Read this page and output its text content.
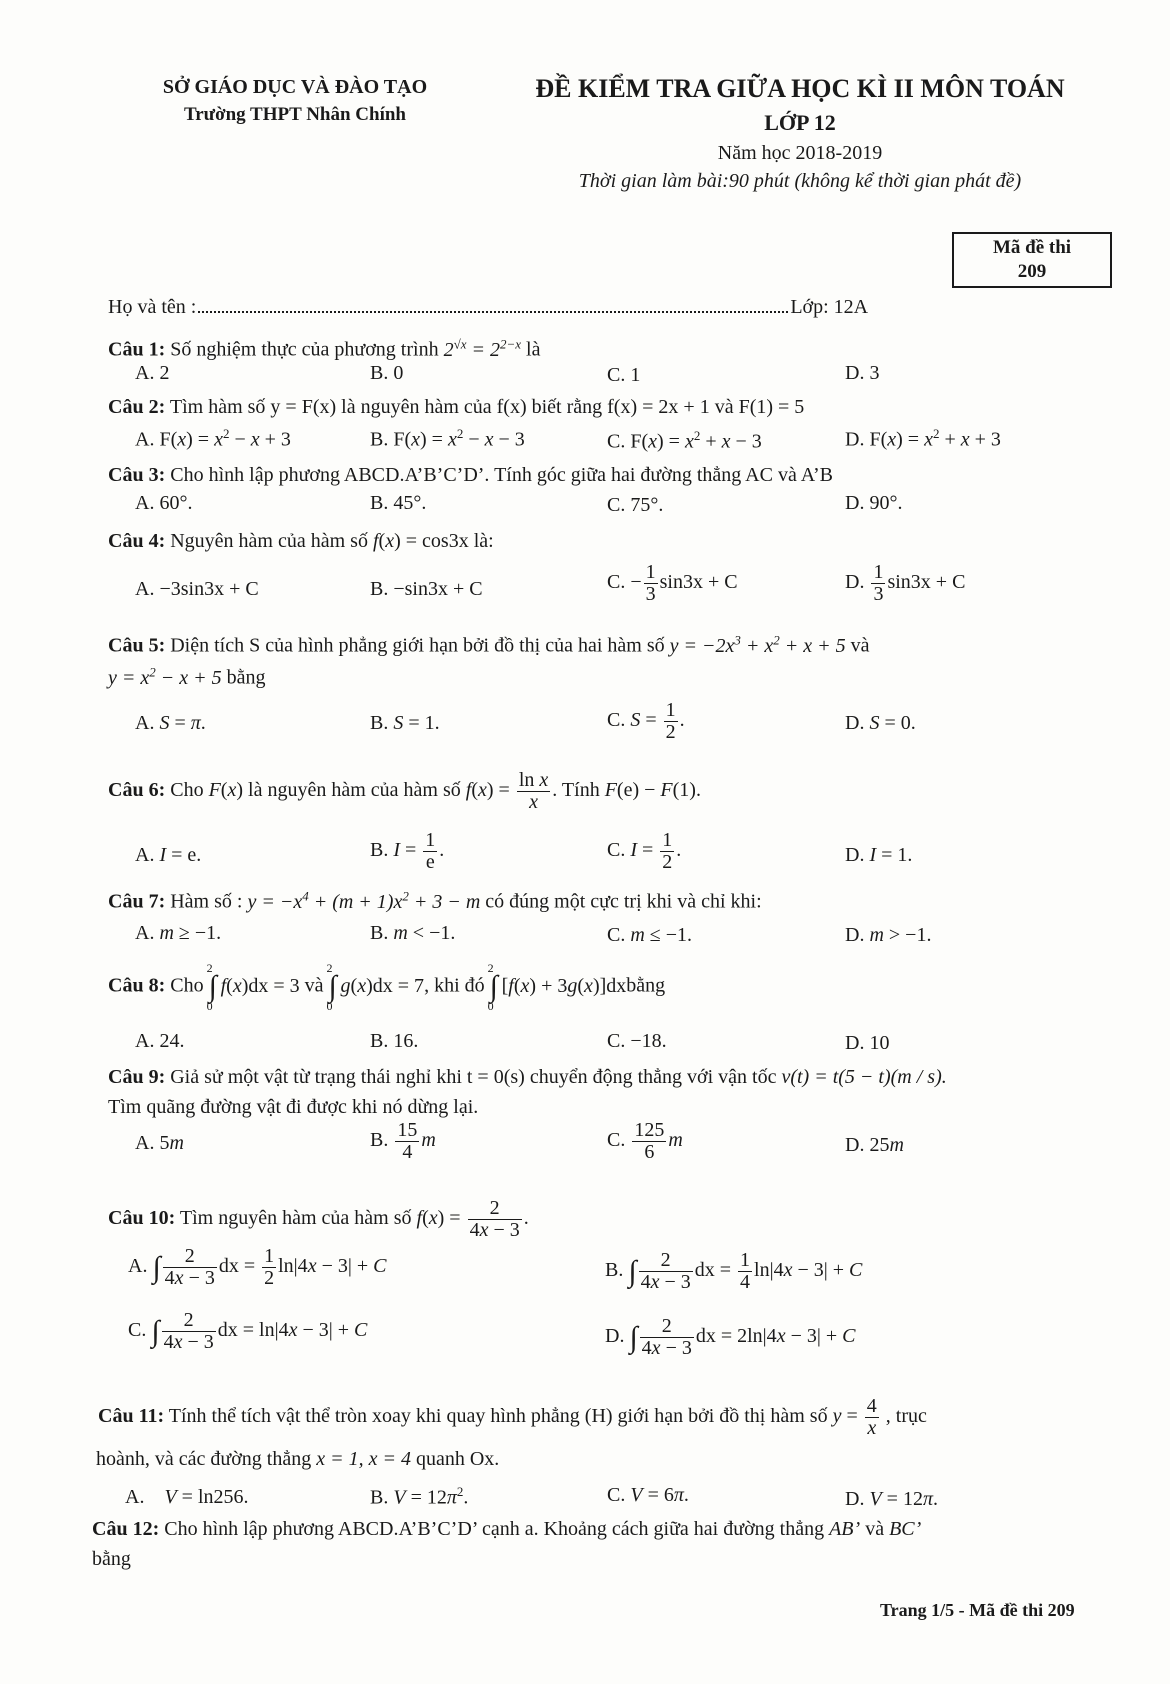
SỞ GIÁO DỤC VÀ ĐÀO TẠO
Trường THPT Nhân Chính
ĐỀ KIỂM TRA GIỮA HỌC KÌ II MÔN TOÁN
LỚP 12
Năm học 2018-2019
Thời gian làm bài:90 phút (không kể thời gian phát đề)
Mã đề thi
209
Họ và tên :	Lớp: 12A
Câu 1: Số nghiệm thực của phương trình $2^{√x} = 2^{2-x}$ là
A. 2	B. 0	C. 1	D. 3
Câu 2: Tìm hàm số y = F(x) là nguyên hàm của f(x) biết rằng f(x) = 2x + 1 và F(1) = 5
A. $F(x) = x^2 - x + 3$	B. $F(x) = x^2 - x - 3$	C. $F(x) = x^2 + x - 3$	D. $F(x) = x^2 + x + 3$
Câu 3: Cho hình lập phương ABCD.A’B’C’D’. Tính góc giữa hai đường thẳng AC và A’B
A. 60°.	B. 45°.	C. 75°.	D. 90°.
Câu 4: Nguyên hàm của hàm số f(x) = cos3x là:
A. −3sin3x + C	B. −sin3x + C	C. − $\frac{1}{3} \sin 3x + C$	D. $\frac{1}{3} \sin 3x + C$
Câu 5: Diện tích S của hình phẳng giới hạn bởi đồ thị của hai hàm số $y = -2x^3 + x^2 + x + 5$ và
$y = x^2 - x + 5$ bằng
A. S = π.	B. S = 1.	C. $S = \frac{1}{2}$ .	D. S = 0.
Câu 6: Cho F(x) là nguyên hàm của hàm số $f(x) = \frac{\text{ln x}}{x}$ . Tính F(e) − F(1).
A. I = e.	B. $I = \frac{1}{e}$ .	C. $I = \frac{1}{2}$ .	D. I = 1.
Câu 7: Hàm số : $y = -x^4 + (m + 1)x^2 + 3 - m$ có đúng một cực trị khi và chỉ khi:
A. m ≥ −1.	B. m < −1.	C. m ≤ −1.	D. m > −1.
Câu 8: Cho
2
∫
0
f(x)dx = 3 và
2
∫
0
g(x)dx = 7, khi đó
2
∫
0
[f(x) + 3g(x)]dxbằng
A. 24.	B. 16.	C. −18.	D. 10
Câu 9: Giả sử một vật từ trạng thái nghỉ khi t = 0(s) chuyển động thẳng với vận tốc v(t) = t(5 − t)(m / s).
Tìm quãng đường vật đi được khi nó dừng lại.
A. 5m	B. $\frac{15}{4}$ m	C. $\frac{125}{6}$ m	D. 25m
Câu 10: Tìm nguyên hàm của hàm số $f(x) = \frac{2}{4x - 3}$ .
A. ∫ $\frac{2}{4x - 3}$ dx = $\frac{1}{2} \ln|4x - 3| + C$	B. ∫ $\frac{2}{4x - 3}$ dx = $\frac{1}{4} \ln|4x - 3| + C$
C. ∫ $\frac{2}{4x - 3}$ dx = ln|4x − 3| + C	D. ∫ $\frac{2}{4x - 3}$ dx = 2ln|4x − 3| + C
Câu 11: Tính thể tích vật thể tròn xoay khi quay hình phẳng (H) giới hạn bởi đồ thị hàm số $y = \frac{4}{x}$ , trục
hoành, và các đường thẳng x = 1, x = 4 quanh Ox.
A.    V = ln256.	B. $V = 12\pi^2$.	C. V = 6π.	D. V = 12π.
Câu 12: Cho hình lập phương ABCD.A’B’C’D’ cạnh a. Khoảng cách giữa hai đường thẳng AB’ và BC’
bằng
Trang 1/5 - Mã đề thi 209
